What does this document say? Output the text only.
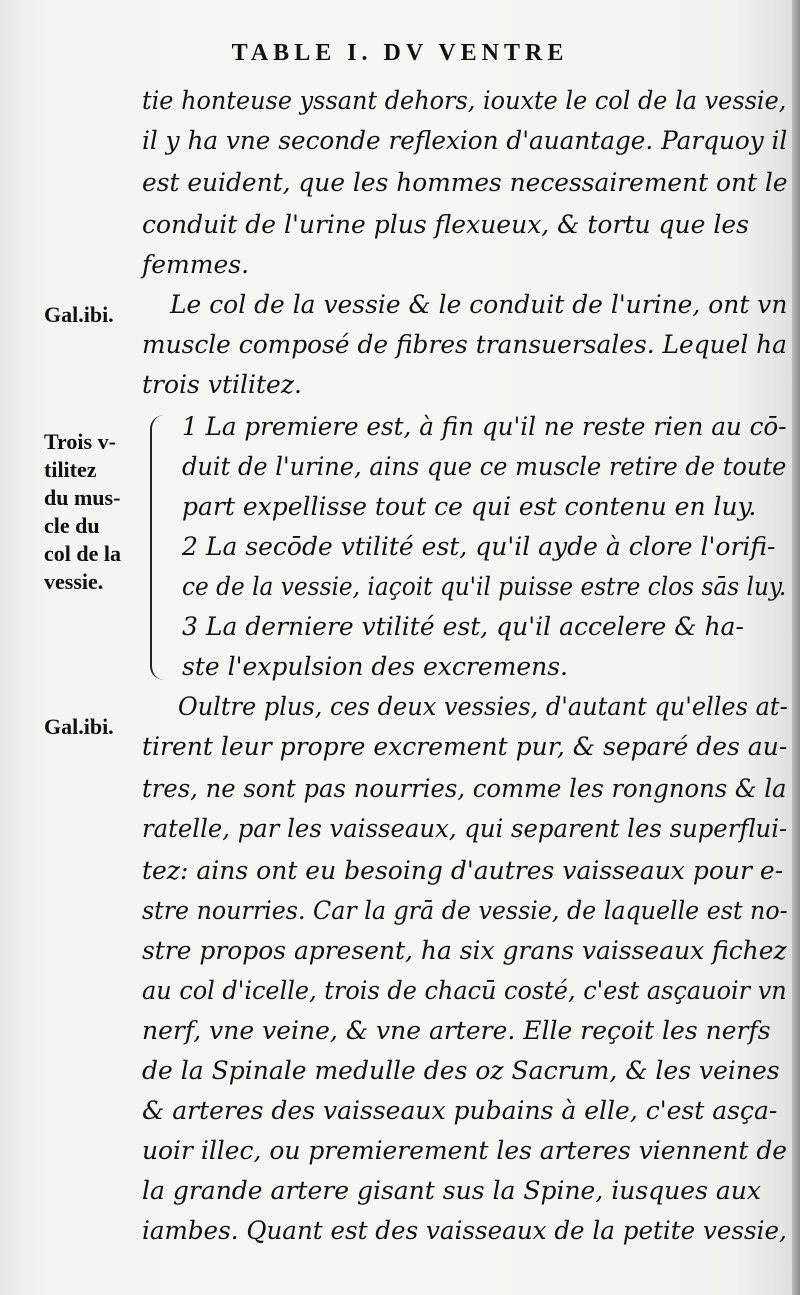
TABLE I. DV VENTRE
Gal.ibi.
Trois v-
tilitez
du mus-
cle du
col de la
vessie.
Gal.ibi.
tie honteuse yssant dehors, iouxte le col de la vessie,
il y ha vne seconde reflexion d'auantage. Parquoy il
est euident, que les hommes necessairement ont le
conduit de l'urine plus flexueux, & tortu que les
femmes.
Le col de la vessie & le conduit de l'urine, ont vn
muscle composé de fibres transuersales. Lequel ha
trois vtilitez.
1 La premiere est, à fin qu'il ne reste rien au cō-
duit de l'urine, ains que ce muscle retire de toute
part expellisse tout ce qui est contenu en luy.
2 La secōde vtilité est, qu'il ayde à clore l'orifi-
ce de la vessie, iaçoit qu'il puisse estre clos sās luy.
3 La derniere vtilité est, qu'il accelere & ha-
ste l'expulsion des excremens.
Oultre plus, ces deux vessies, d'autant qu'elles at-
tirent leur propre excrement pur, & separé des au-
tres, ne sont pas nourries, comme les rongnons & la
ratelle, par les vaisseaux, qui separent les superflui-
tez: ains ont eu besoing d'autres vaisseaux pour e-
stre nourries. Car la grā de vessie, de laquelle est no-
stre propos apresent, ha six grans vaisseaux fichez
au col d'icelle, trois de chacū costé, c'est asçauoir vn
nerf, vne veine, & vne artere. Elle reçoit les nerfs
de la Spinale medulle des oz Sacrum, & les veines
& arteres des vaisseaux pubains à elle, c'est asça-
uoir illec, ou premierement les arteres viennent de
la grande artere gisant sus la Spine, iusques aux
iambes. Quant est des vaisseaux de la petite vessie,
